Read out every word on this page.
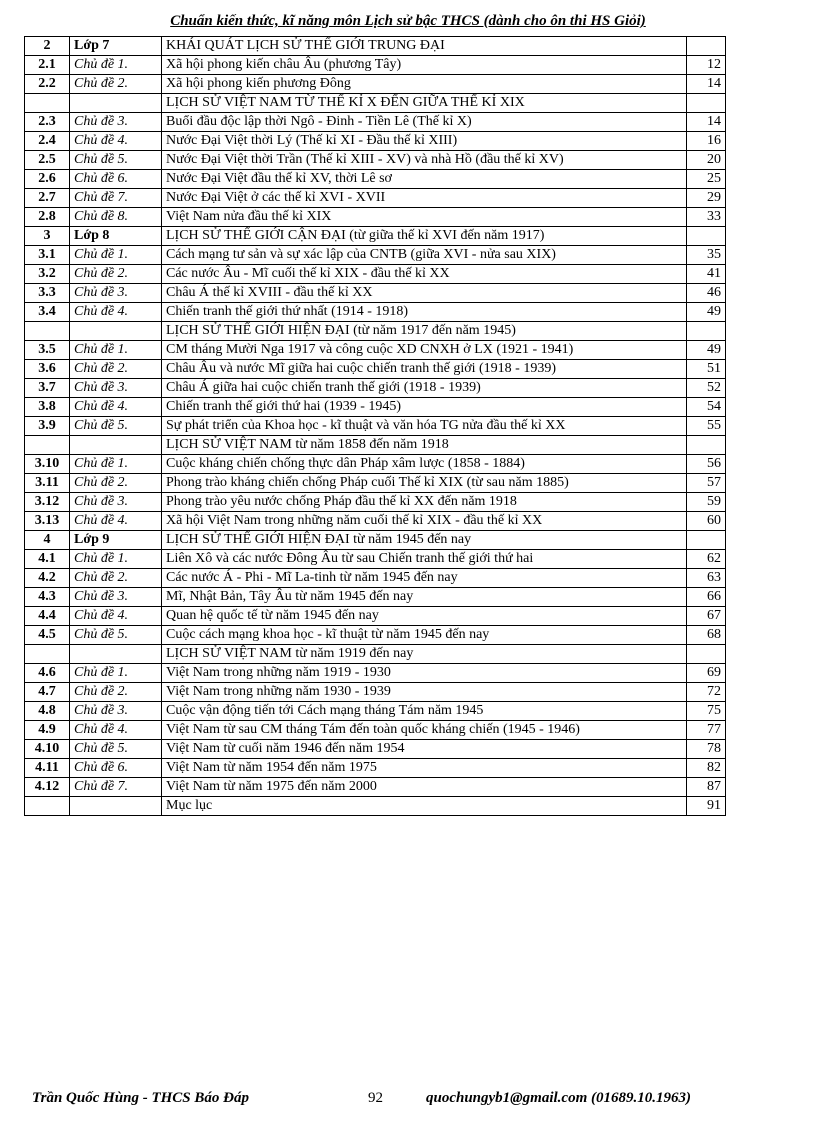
Chuẩn kiến thức, kĩ năng môn Lịch sử bậc THCS (dành cho ôn thi HS Giỏi)
2	Lớp 7	KHÁI QUÁT LỊCH SỬ THẾ GIỚI TRUNG ĐẠI	
2.1	Chủ đề 1.	Xã hội phong kiến châu Âu (phương Tây)	12
2.2	Chủ đề 2.	Xã hội phong kiến phương Đông	14
		LỊCH SỬ VIỆT NAM TỪ THẾ KỈ X ĐẾN GIỮA THẾ KỈ XIX	
2.3	Chủ đề 3.	Buổi đầu độc lập thời Ngô - Đinh - Tiền Lê (Thế kỉ X)	14
2.4	Chủ đề 4.	Nước Đại Việt thời Lý (Thế kỉ XI - Đầu thế kỉ XIII)	16
2.5	Chủ đề 5.	Nước Đại Việt thời Trần (Thế kỉ XIII - XV) và nhà Hồ (đầu thế kỉ XV)	20
2.6	Chủ đề 6.	Nước Đại Việt đầu thế kỉ XV, thời Lê sơ	25
2.7	Chủ đề 7.	Nước Đại Việt ở các thế kỉ XVI - XVII	29
2.8	Chủ đề 8.	Việt Nam nửa đầu thế kỉ XIX	33
3	Lớp 8	LỊCH SỬ THẾ GIỚI CẬN ĐẠI (từ giữa thế kỉ XVI đến năm 1917)	
3.1	Chủ đề 1.	Cách mạng tư sản và sự xác lập của CNTB (giữa XVI - nửa sau XIX)	35
3.2	Chủ đề 2.	Các nước Âu - Mĩ cuối thế kỉ XIX - đầu thế kỉ XX	41
3.3	Chủ đề 3.	Châu Á thế kỉ XVIII - đầu thế kỉ XX	46
3.4	Chủ đề 4.	Chiến tranh thế giới thứ nhất (1914 - 1918)	49
		LỊCH SỬ THẾ GIỚI HIỆN ĐẠI (từ năm 1917 đến năm 1945)	
3.5	Chủ đề 1.	CM tháng Mười Nga 1917 và công cuộc XD CNXH ở LX (1921 - 1941)	49
3.6	Chủ đề 2.	Châu Âu và nước Mĩ giữa hai cuộc chiến tranh thế giới (1918 - 1939)	51
3.7	Chủ đề 3.	Châu Á giữa hai cuộc chiến tranh thế giới (1918 - 1939)	52
3.8	Chủ đề 4.	Chiến tranh thế giới thứ hai (1939 - 1945)	54
3.9	Chủ đề 5.	Sự phát triển của Khoa học - kĩ thuật và văn hóa TG nửa đầu thế kỉ XX	55
		LỊCH SỬ VIỆT NAM từ năm 1858 đến năm 1918	
3.10	Chủ đề 1.	Cuộc kháng chiến chống thực dân Pháp xâm lược (1858 - 1884)	56
3.11	Chủ đề 2.	Phong trào kháng chiến chống Pháp cuối Thế kỉ XIX (từ sau năm 1885)	57
3.12	Chủ đề 3.	Phong trào yêu nước chống Pháp đầu thế kỉ XX đến năm 1918	59
3.13	Chủ đề 4.	Xã hội Việt Nam trong những năm cuối thế kỉ XIX - đầu thế kỉ XX	60
4	Lớp 9	LỊCH SỬ THẾ GIỚI HIỆN ĐẠI từ năm 1945 đến nay	
4.1	Chủ đề 1.	Liên Xô và các nước Đông Âu từ sau Chiến tranh thế giới thứ hai	62
4.2	Chủ đề 2.	Các nước Á - Phi - Mĩ La-tinh từ năm 1945 đến nay	63
4.3	Chủ đề 3.	Mĩ, Nhật Bản, Tây Âu từ năm 1945 đến nay	66
4.4	Chủ đề 4.	Quan hệ quốc tế từ năm 1945 đến nay	67
4.5	Chủ đề 5.	Cuộc cách mạng khoa học - kĩ thuật từ năm 1945 đến nay	68
		LỊCH SỬ VIỆT NAM từ năm 1919 đến nay	
4.6	Chủ đề 1.	Việt Nam trong những năm 1919 - 1930	69
4.7	Chủ đề 2.	Việt Nam trong những năm 1930 - 1939	72
4.8	Chủ đề 3.	Cuộc vận động tiến tới Cách mạng tháng Tám năm 1945	75
4.9	Chủ đề 4.	Việt Nam từ sau CM tháng Tám đến toàn quốc kháng chiến (1945 - 1946)	77
4.10	Chủ đề 5.	Việt Nam từ cuối năm 1946 đến năm 1954	78
4.11	Chủ đề 6.	Việt Nam từ năm 1954 đến năm 1975	82
4.12	Chủ đề 7.	Việt Nam từ năm 1975 đến năm 2000	87
		Mục lục	91
Trần Quốc Hùng - THCS Báo Đáp	92	quochungyb1@gmail.com (01689.10.1963)
